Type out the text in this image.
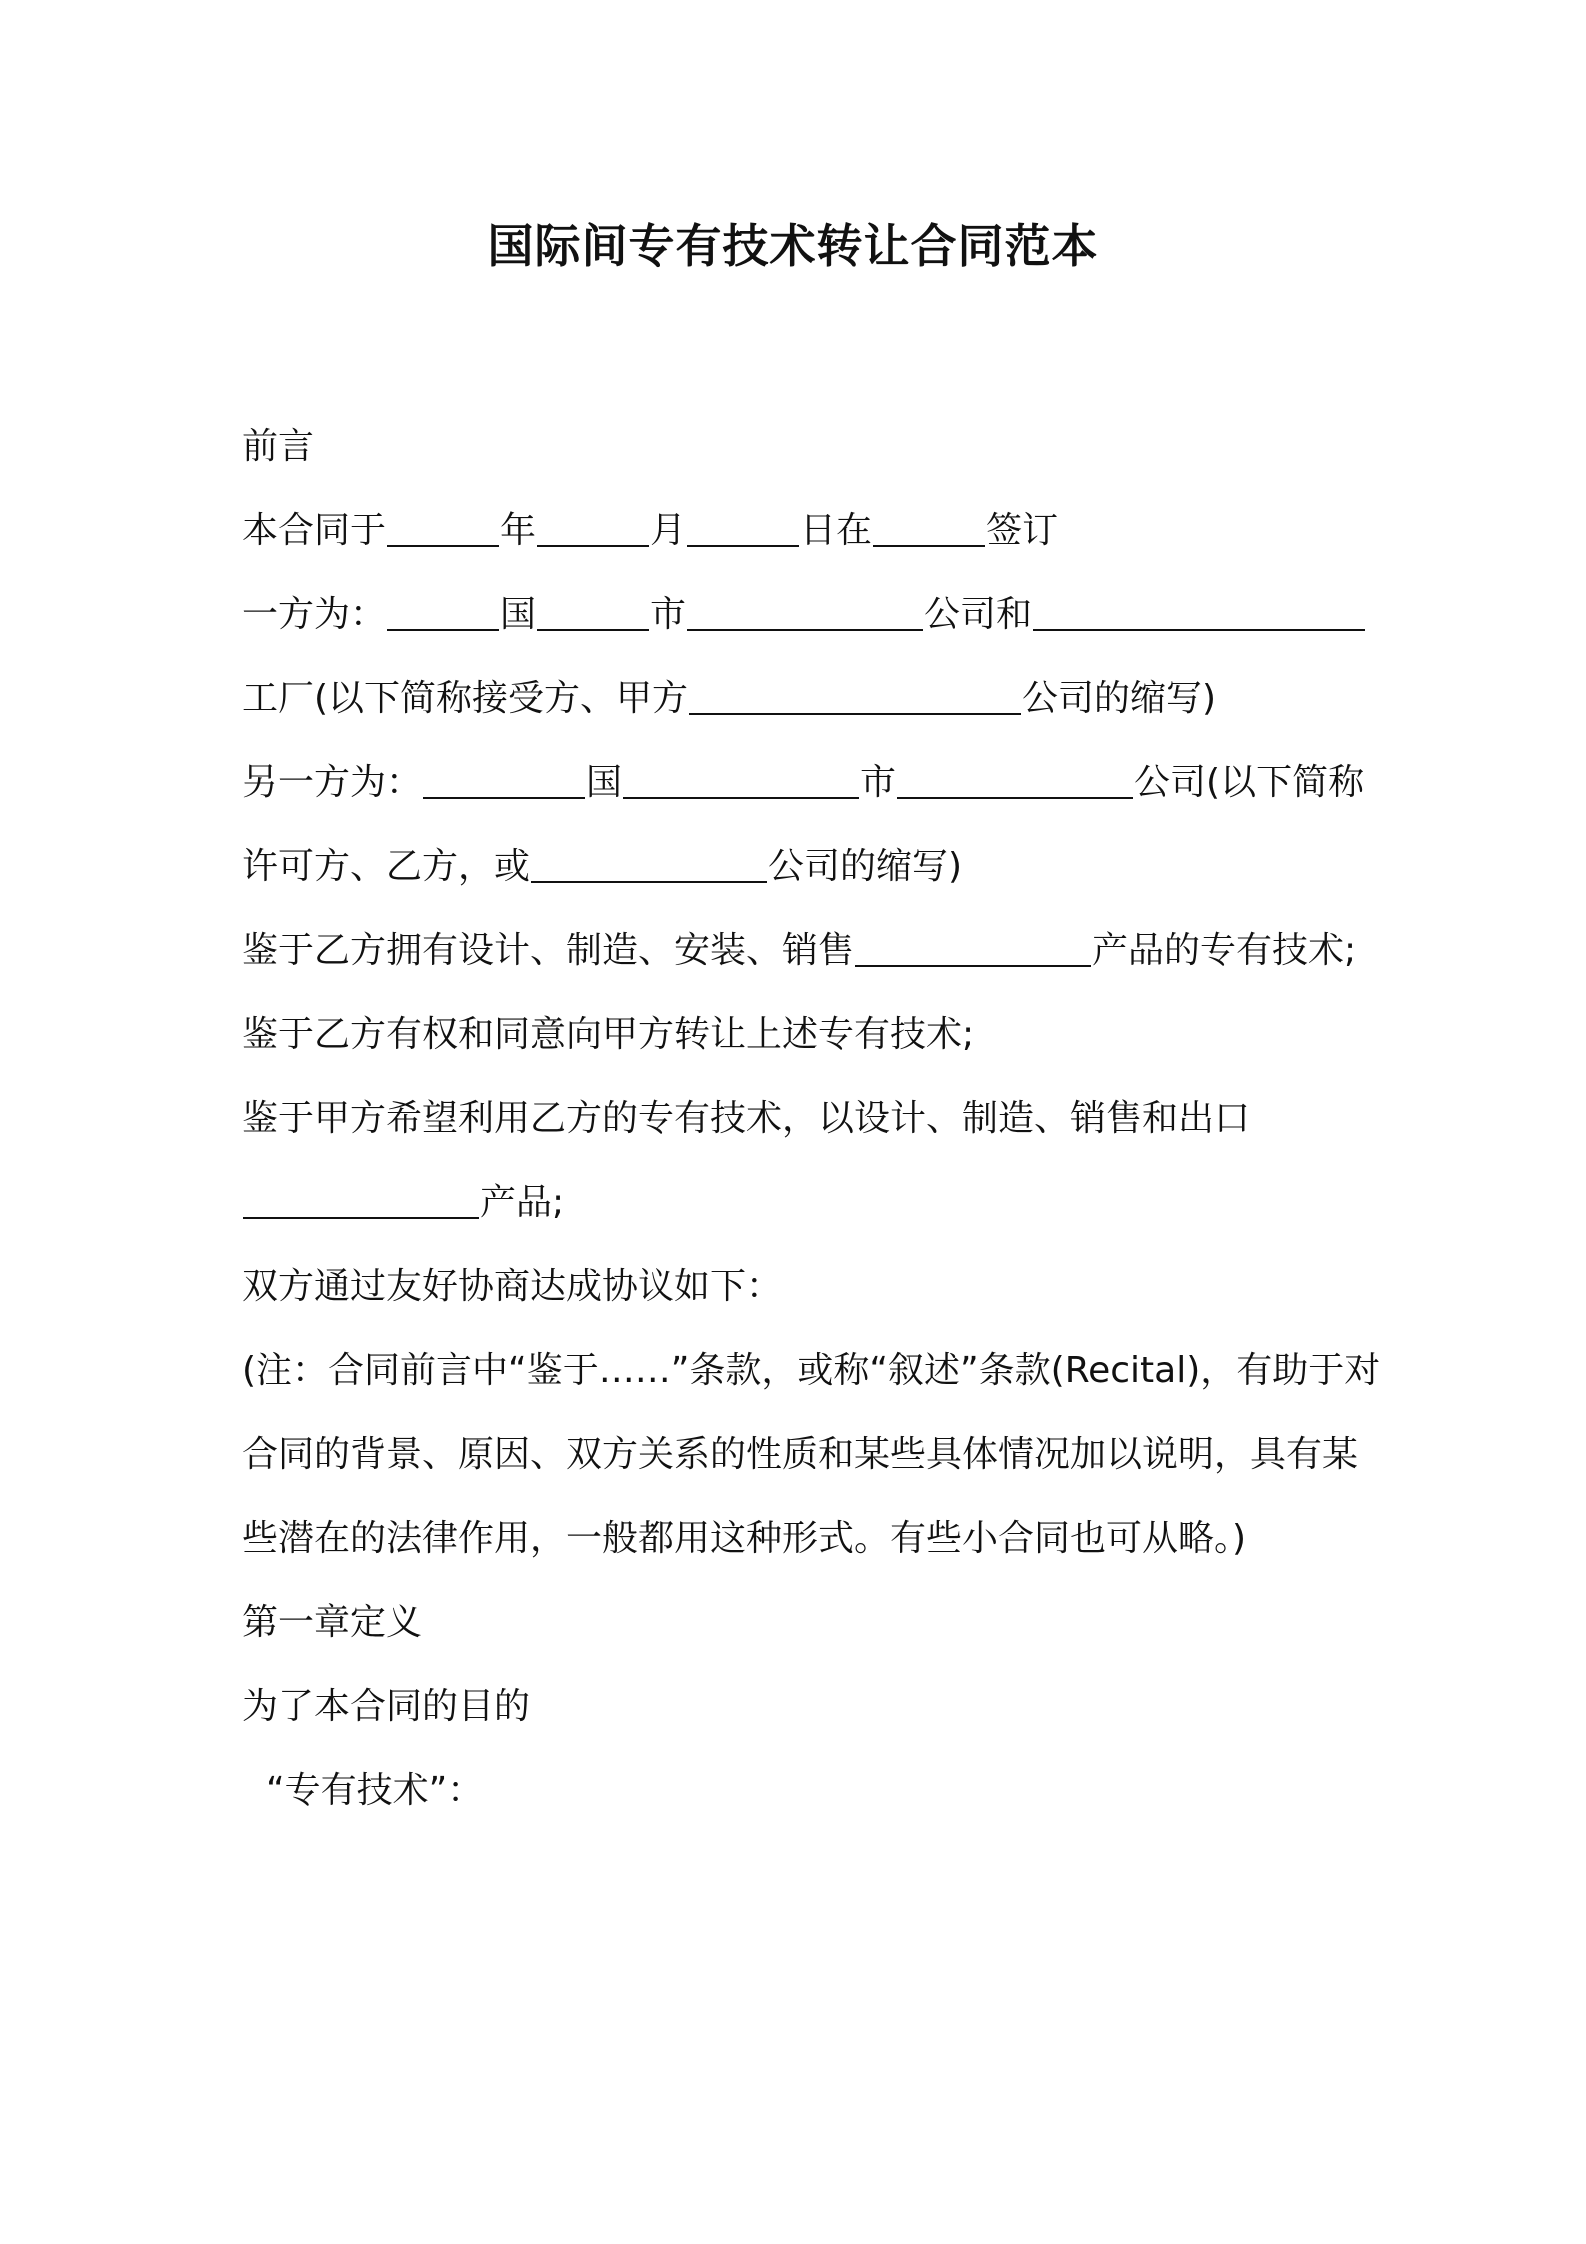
国际间专有技术转让合同范本

前言

本合同于	年	月	日在	签订

一方为：	国	市	公司和工厂(以下简称接受方、甲方	公司的缩写)

另一方为：	国	市	公司(以下简称许可方、乙方，或	公司的缩写)

鉴于乙方拥有设计、制造、安装、销售	产品的专有技术;

鉴于乙方有权和同意向甲方转让上述专有技术;

鉴于甲方希望利用乙方的专有技术，以设计、制造、销售和出口产品;

双方通过友好协商达成协议如下：

(注：合同前言中“鉴于……”条款，或称“叙述”条款(Recital)，有助于对合同的背景、原因、双方关系的性质和某些具体情况加以说明，具有某些潜在的法律作用，一般都用这种形式。有些小合同也可从略。)

第一章定义

为了本合同的目的

“专有技术”：
